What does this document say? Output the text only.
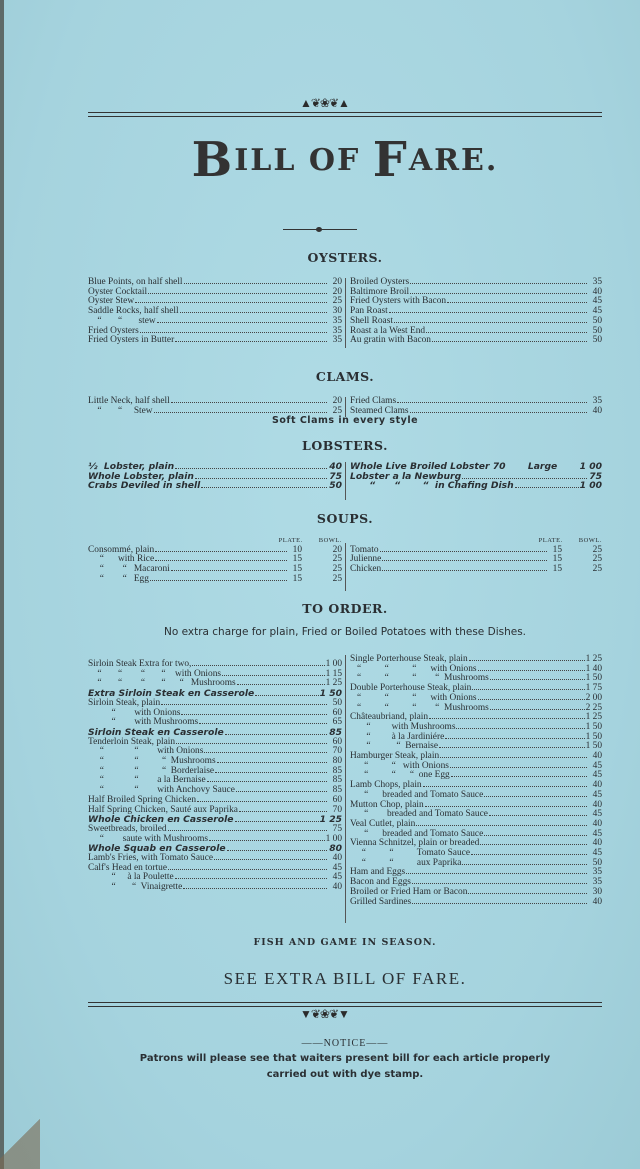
▲❦❀❦▲
BILL OF FARE.
OYSTERS.
Blue Points, on half shell	20
Oyster Cocktail	20
Oyster Stew	25
Saddle Rocks, half shell	30
“       “       stew	35
Fried Oysters	35
Fried Oysters in Butter	35
Broiled Oysters	35
Baltimore Broil	40
Fried Oysters with Bacon	45
Pan Roast	45
Shell Roast	50
Roast a la West End	50
Au gratin with Bacon	50
CLAMS.
Little Neck, half shell	20
“       “     Stew	25
Fried Clams	35
Steamed Clams	40
Soft Clams in every style
LOBSTERS.
½  Lobster, plain	40
Whole Lobster, plain	75
Crabs Deviled in shell	50
Whole Live Broiled Lobster 70       Large 1 00
Lobster a la Newburg	75
“      “       “  in Chafing Dish	1 00
SOUPS.
PLATE. BOWL.
Consommé, plain	10	20
“      with Rice	15	25
“        “   Macaroni	15	25
“        “   Egg	15	25
PLATE. BOWL.
Tomato	15	25
Julienne	15	25
Chicken	15	25
TO ORDER.
No extra charge for plain, Fried or Boiled Potatoes with these Dishes.
Sirloin Steak Extra for two,	1 00
“       “        “       “    with Onions	1 15
“       “        “       “      “   Mushrooms	1 25
Extra Sirloin Steak en Casserole	1 50
Sirloin Steak, plain	50
“        with Onions	60
“        with Mushrooms	65
Sirloin Steak en Casserole	85
Tenderloin Steak, plain	60
“             “        with Onions	70
“             “          “  Mushrooms	80
“             “          “  Borderlaise	85
“             “        a la Bernaise	85
“             “        with Anchovy Sauce	85
Half Broiled Spring Chicken	60
Half Spring Chicken, Sauté aux Paprika	70
Whole Chicken en Casserole	1 25
Sweetbreads, broiled	75
“        saute with Mushrooms	1 00
Whole Squab en Casserole	80
Lamb's Fries, with Tomato Sauce	40
Calf's Head en tortue	45
“     à la Poulette	45
“       “  Vinaigrette	40
Single Porterhouse Steak, plain	1 25
“          “          “      with Onions	1 40
“          “          “        “  Mushrooms	1 50
Double Porterhouse Steak, plain	1 75
“          “          “      with Onions	2 00
“          “          “        “  Mushrooms	2 25
Châteaubriand, plain	1 25
“         with Mushrooms	1 50
“         à la Jardiniére	1 50
“           “  Bernaise	1 50
Hamburger Steak, plain	40
“          “   with Onions	45
“          “      “  one Egg	45
Lamb Chops, plain	40
“      breaded and Tomato Sauce	45
Mutton Chop, plain	40
“        breaded and Tomato Sauce	45
Veal Cutlet, plain	40
“      breaded and Tomato Sauce	45
Vienna Schnitzel, plain or breaded	40
“          “          Tomato Sauce	45
“          “          aux Paprika	50
Ham and Eggs	35
Bacon and Eggs	35
Broiled or Fried Ham or Bacon	30
Grilled Sardines	40
FISH AND GAME IN SEASON.
SEE EXTRA BILL OF FARE.
▼❦❀❦▼
——NOTICE——
Patrons will please see that waiters present bill for each article properly
carried out with dye stamp.
